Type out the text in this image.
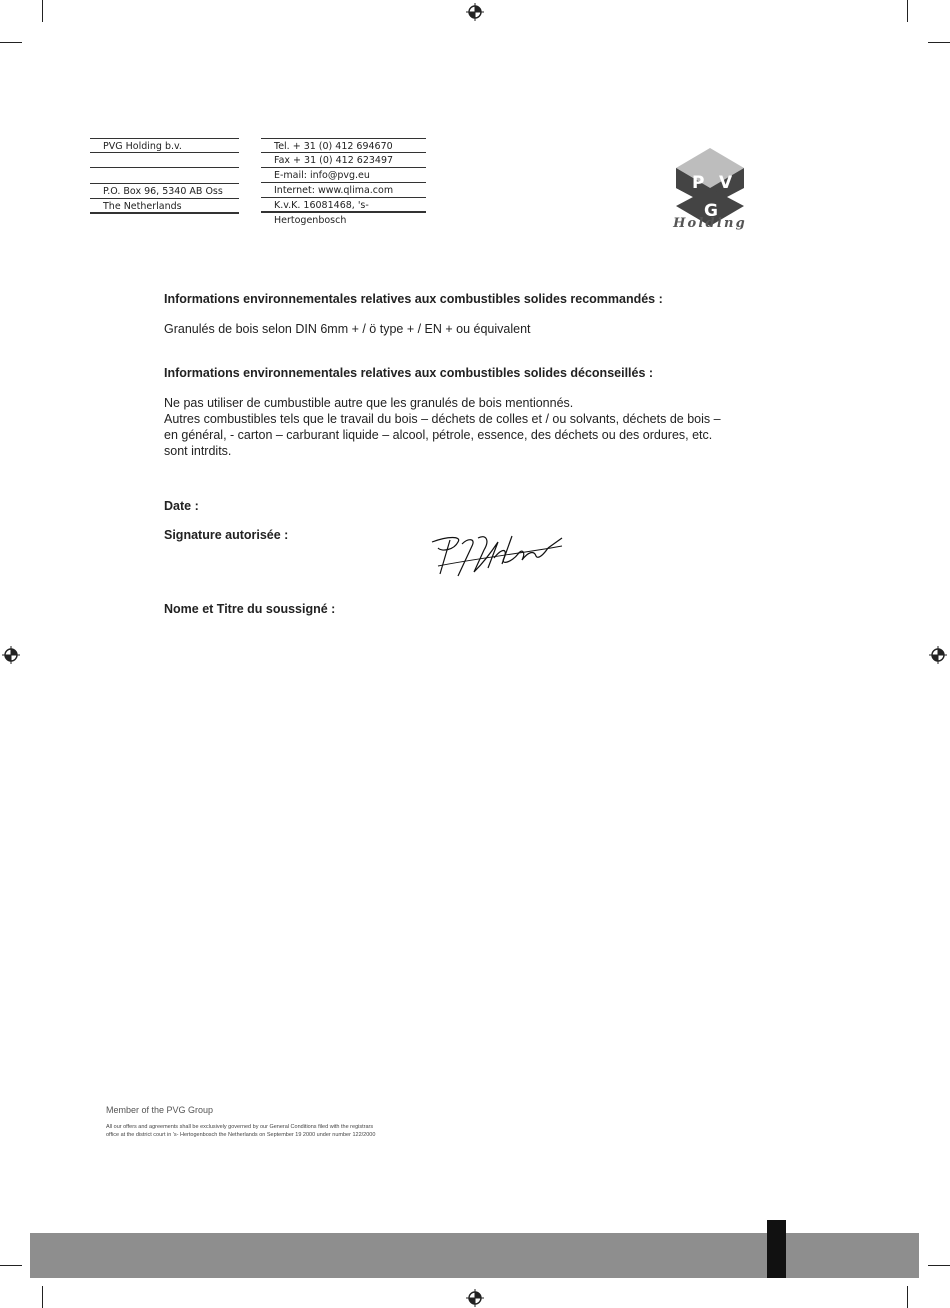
PVG Holding b.v.
P.O. Box 96, 5340 AB Oss
The Netherlands
Tel. + 31 (0) 412 694670
Fax + 31 (0) 412 623497
E-mail: info@pvg.eu
Internet: www.qlima.com
K.v.K. 16081468, 's-Hertogenbosch
P V
G
Holding
Informations environnementales relatives aux combustibles solides recommandés :
Granulés de bois selon DIN 6mm + / ö type + / EN + ou équivalent
Informations environnementales relatives aux combustibles solides déconseillés :
Ne pas utiliser de cumbustible autre que les granulés de bois mentionnés.
Autres combustibles tels que le travail du bois – déchets de colles et / ou solvants, déchets de bois –
en général, - carton – carburant liquide – alcool, pétrole, essence, des déchets ou des ordures, etc.
sont intrdits.
Date :
Signature autorisée :
Nome et Titre du soussigné :
Member of the PVG Group
All our offers and agreements shall be exclusively governed by our General Conditions filed with the registrars
office at the district court in 's- Hertogenbosch the Netherlands on September 19 2000 under number 122/2000
